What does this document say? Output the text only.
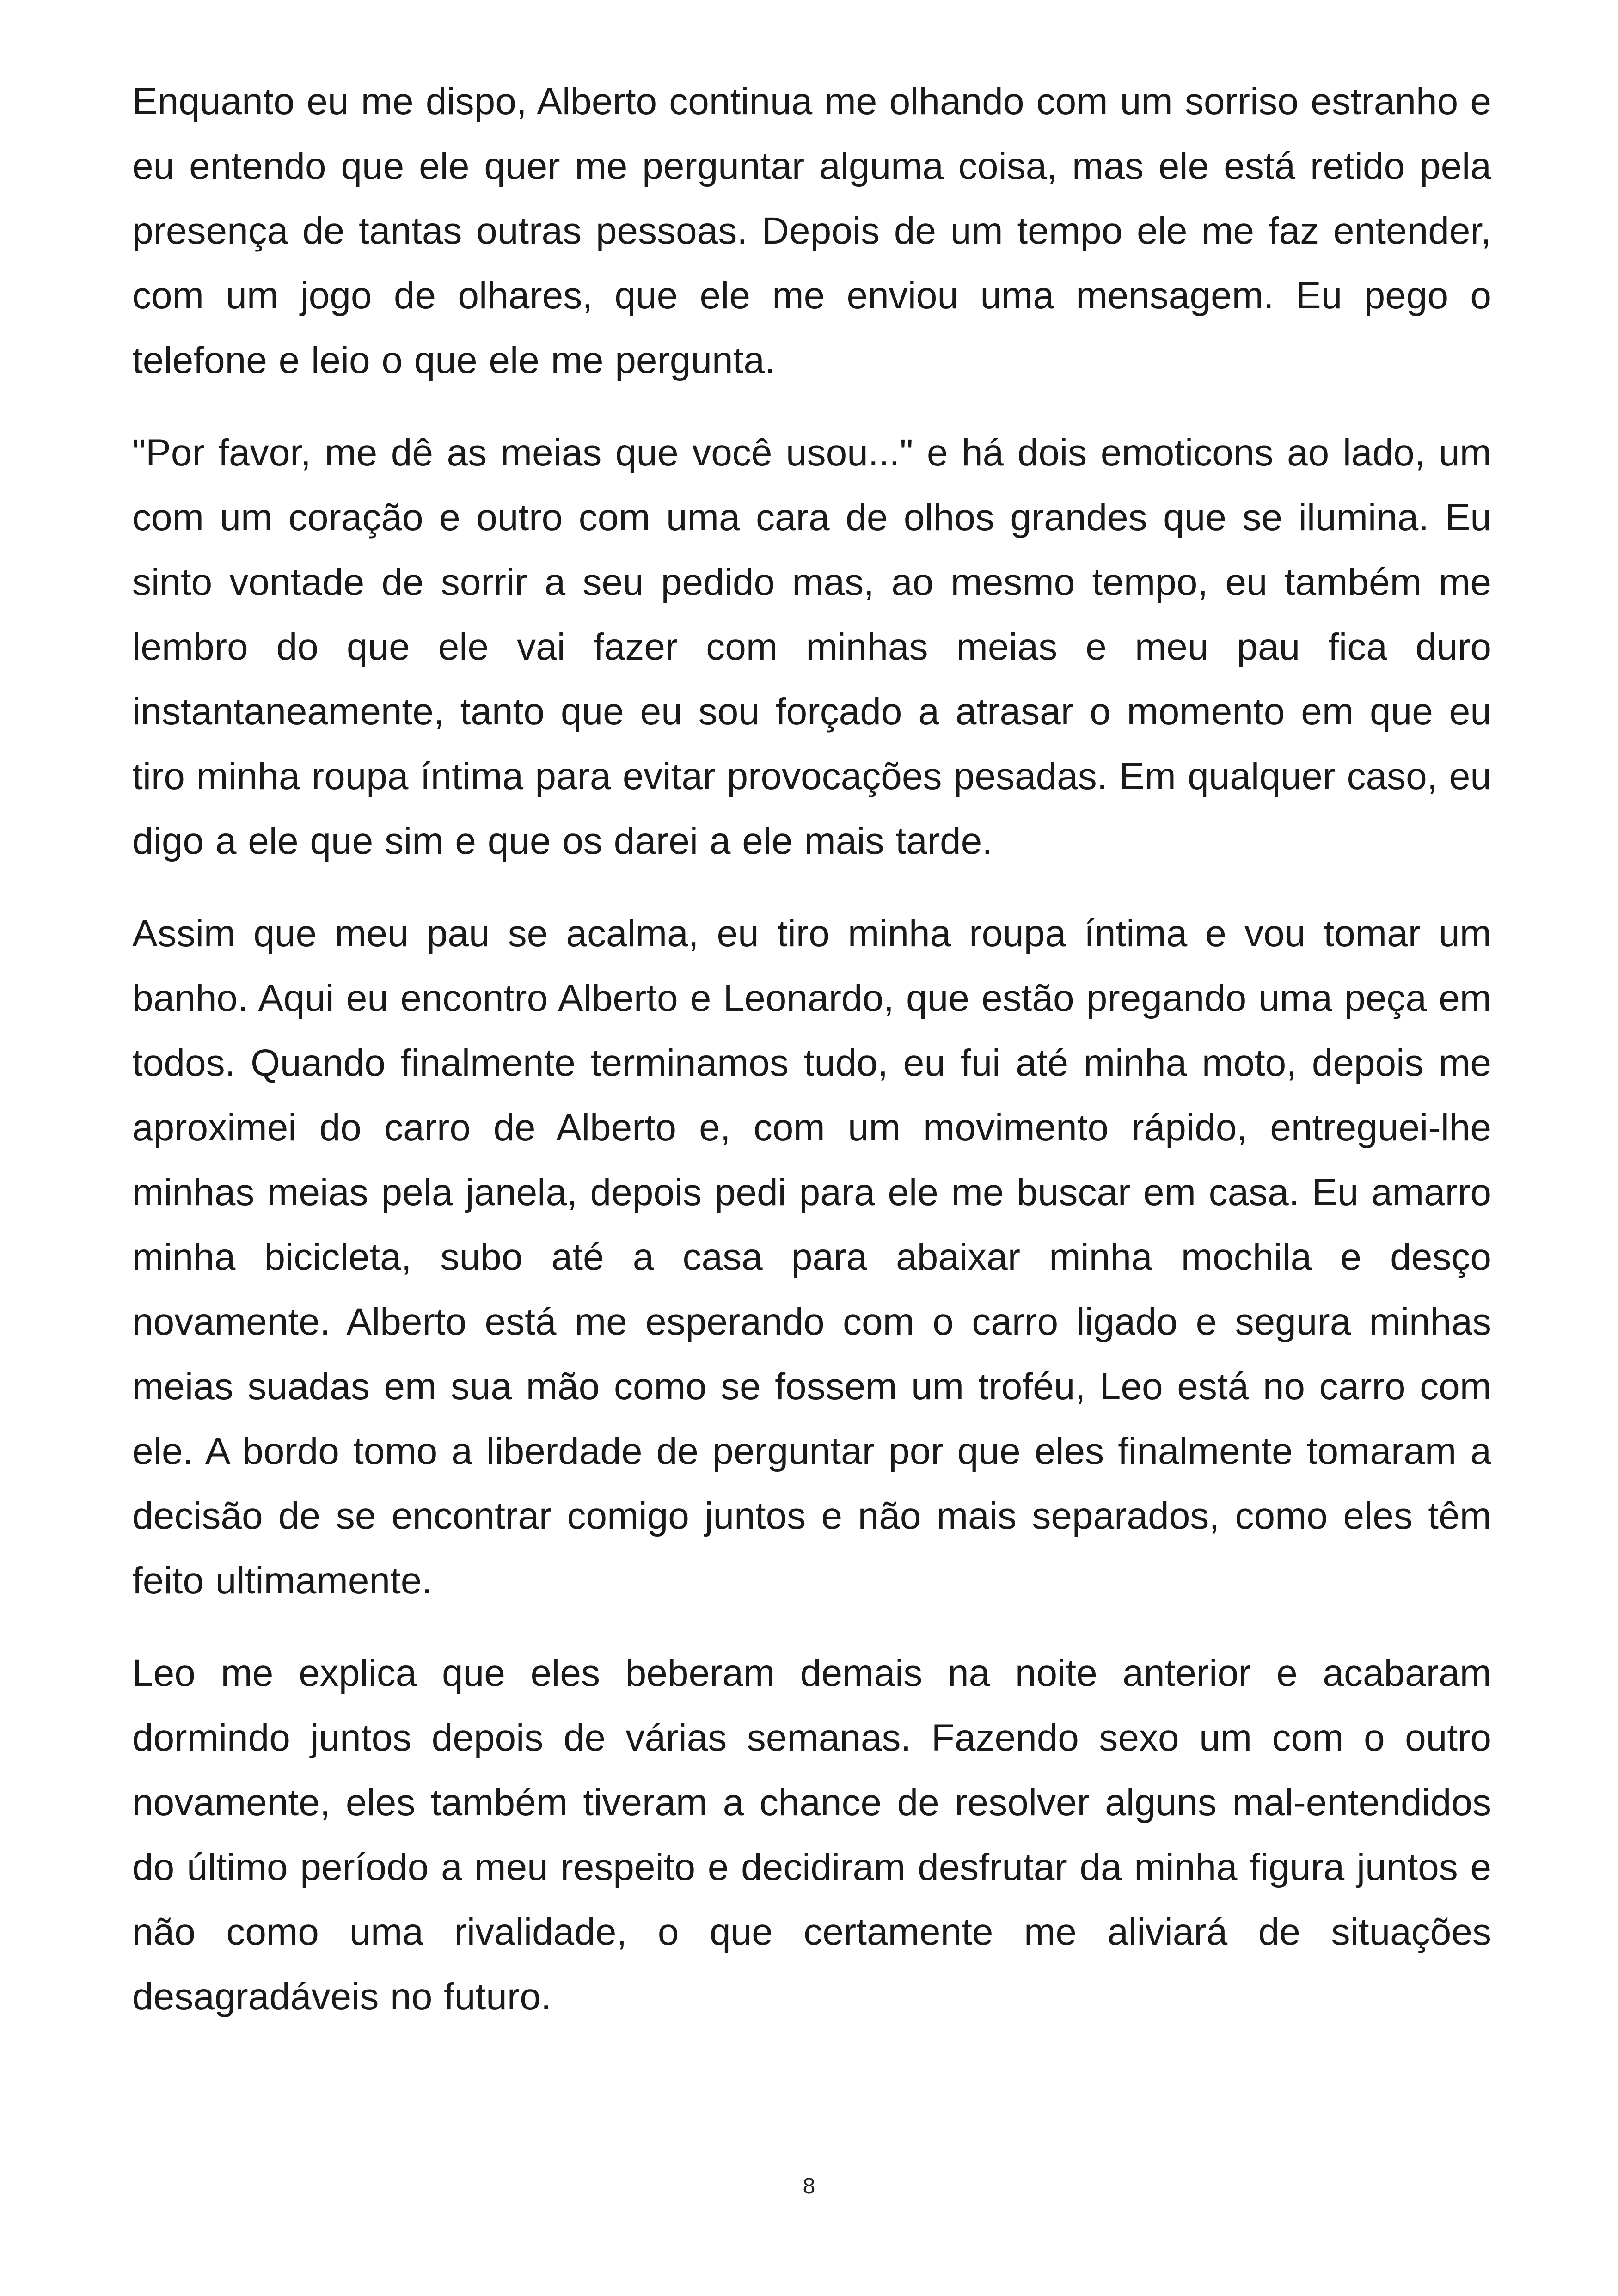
Enquanto eu me dispo, Alberto continua me olhando com um sorriso estranho e eu entendo que ele quer me perguntar alguma coisa, mas ele está retido pela presença de tantas outras pessoas. Depois de um tempo ele me faz entender, com um jogo de olhares, que ele me enviou uma mensagem. Eu pego o telefone e leio o que ele me pergunta.

"Por favor, me dê as meias que você usou..." e há dois emoticons ao lado, um com um coração e outro com uma cara de olhos grandes que se ilumina. Eu sinto vontade de sorrir a seu pedido mas, ao mesmo tempo, eu também me lembro do que ele vai fazer com minhas meias e meu pau fica duro instantaneamente, tanto que eu sou forçado a atrasar o momento em que eu tiro minha roupa íntima para evitar provocações pesadas. Em qualquer caso, eu digo a ele que sim e que os darei a ele mais tarde.

Assim que meu pau se acalma, eu tiro minha roupa íntima e vou tomar um banho. Aqui eu encontro Alberto e Leonardo, que estão pregando uma peça em todos. Quando finalmente terminamos tudo, eu fui até minha moto, depois me aproximei do carro de Alberto e, com um movimento rápido, entreguei-lhe minhas meias pela janela, depois pedi para ele me buscar em casa. Eu amarro minha bicicleta, subo até a casa para abaixar minha mochila e desço novamente. Alberto está me esperando com o carro ligado e segura minhas meias suadas em sua mão como se fossem um troféu, Leo está no carro com ele. A bordo tomo a liberdade de perguntar por que eles finalmente tomaram a decisão de se encontrar comigo juntos e não mais separados, como eles têm feito ultimamente.

Leo me explica que eles beberam demais na noite anterior e acabaram dormindo juntos depois de várias semanas. Fazendo sexo um com o outro novamente, eles também tiveram a chance de resolver alguns mal-entendidos do último período a meu respeito e decidiram desfrutar da minha figura juntos e não como uma rivalidade, o que certamente me aliviará de situações desagradáveis no futuro.

8
